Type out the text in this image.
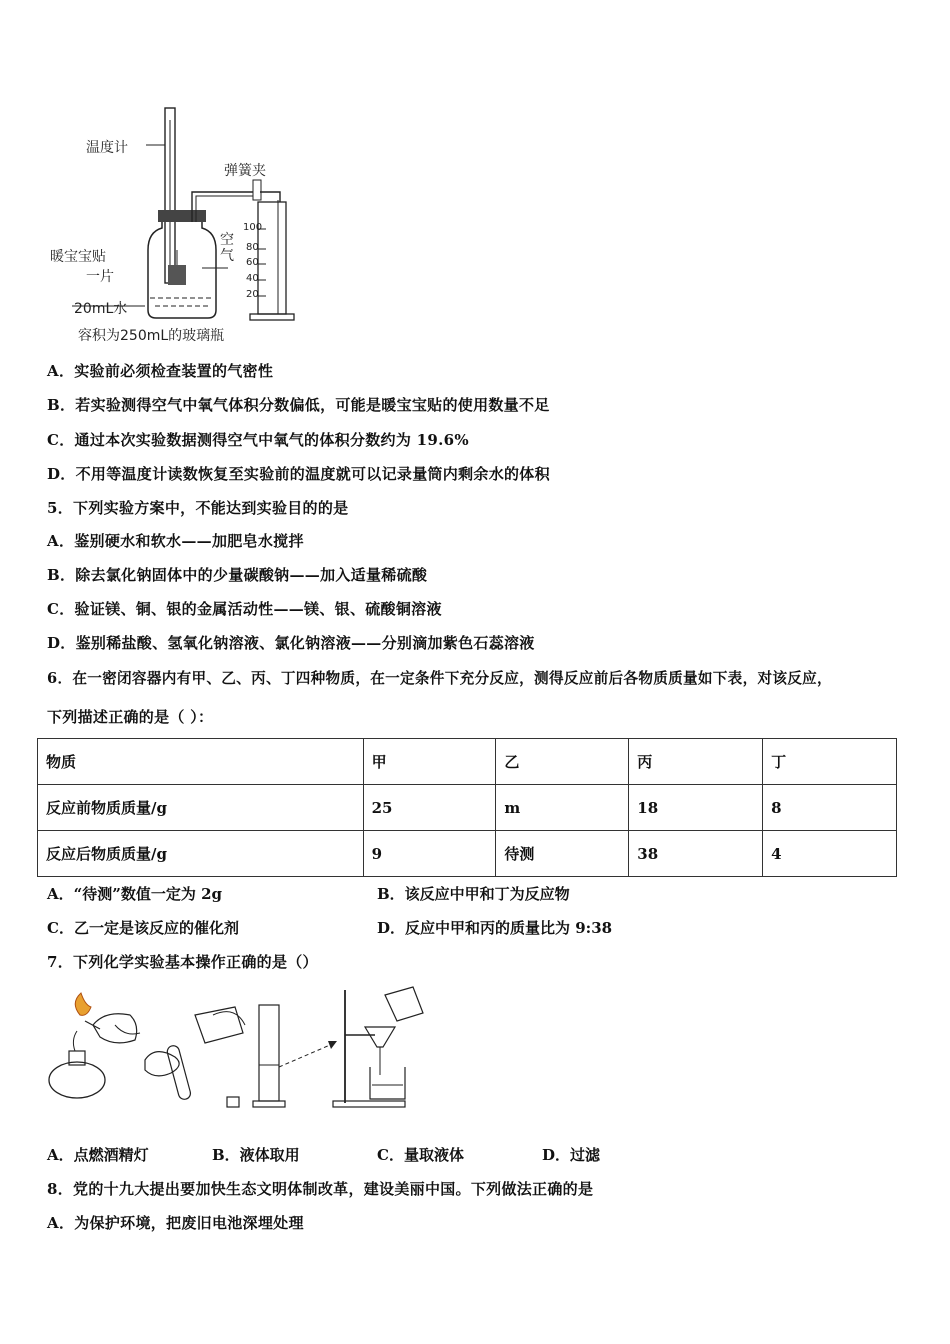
温度计
弹簧夹
暖宝宝贴
一片
空气
20mL水
容积为250mL的玻璃瓶
100
80
60
40
20
A．实验前必须检查装置的气密性
B．若实验测得空气中氧气体积分数偏低，可能是暖宝宝贴的使用数量不足
C．通过本次实验数据测得空气中氧气的体积分数约为 19.6%
D．不用等温度计读数恢复至实验前的温度就可以记录量筒内剩余水的体积
5．下列实验方案中，不能达到实验目的的是
A．鉴别硬水和软水——加肥皂水搅拌
B．除去氯化钠固体中的少量碳酸钠——加入适量稀硫酸
C．验证镁、铜、银的金属活动性——镁、银、硫酸铜溶液
D．鉴别稀盐酸、氢氧化钠溶液、氯化钠溶液——分别滴加紫色石蕊溶液
6．在一密闭容器内有甲、乙、丙、丁四种物质，在一定条件下充分反应，测得反应前后各物质质量如下表，对该反应，
下列描述正确的是（ ）：
物质	甲	乙	丙	丁
反应前物质质量/g	25	m	18	8
反应后物质质量/g	9	待测	38	4
A．“待测”数值一定为 2g	B．该反应中甲和丁为反应物
C．乙一定是该反应的催化剂	D．反应中甲和丙的质量比为 9:38
7．下列化学实验基本操作正确的是（）
A．点燃酒精灯	B．液体取用	C．量取液体	D．过滤
8．党的十九大提出要加快生态文明体制改革，建设美丽中国。下列做法正确的是
A．为保护环境，把废旧电池深埋处理
